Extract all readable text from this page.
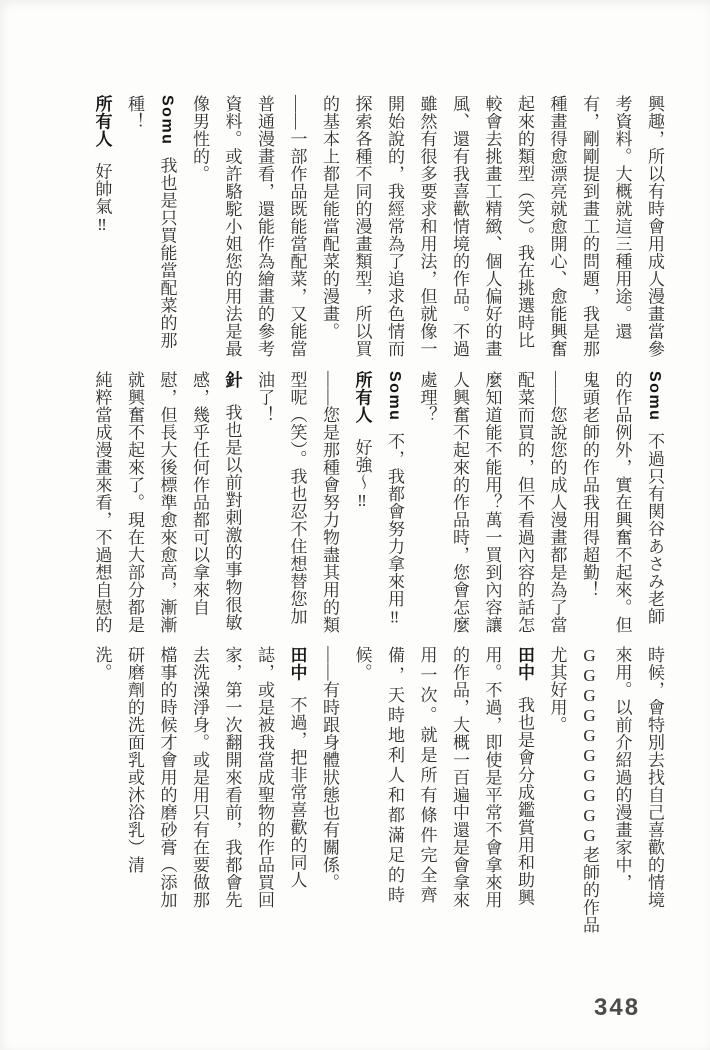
興趣，所以有時會用成人漫畫當參
考資料。大概就這三種用途。還
有，剛剛提到畫工的問題，我是那
種畫得愈漂亮就愈開心、愈能興奮
起來的類型（笑）。我在挑選時比
較會去挑畫工精緻、個人偏好的畫
風、還有我喜歡情境的作品。不過
雖然有很多要求和用法，但就像一
開始說的，我經常為了追求色情而
探索各種不同的漫畫類型，所以買
的基本上都是能當配菜的漫畫。
——一部作品既能當配菜，又能當
普通漫畫看，還能作為繪畫的參考
資料。或許駱駝小姐您的用法是最
像男性的。
Somu我也是只買能當配菜的那
種！
所有人好帥氣‼
Somu不過只有関谷あさみ老師
的作品例外，實在興奮不起來。但
鬼頭老師的作品我用得超勤！
——您說您的成人漫畫都是為了當
配菜而買的，但不看過內容的話怎
麼知道能不能用？萬一買到內容讓
人興奮不起來的作品時，您會怎麼
處理？
Somu不，我都會努力拿來用‼
所有人好強～‼
——您是那種會努力物盡其用的類
型呢（笑）。我也忍不住想替您加
油了！
針我也是以前對刺激的事物很敏
感，幾乎任何作品都可以拿來自
慰，但長大後標準愈來愈高，漸漸
就興奮不起來了。現在大部分都是
純粹當成漫畫來看，不過想自慰的
時候，會特別去找自己喜歡的情境
來用。以前介紹過的漫畫家中，
GGGGGGGGGG老師的作品
尤其好用。
田中我也是會分成鑑賞用和助興
用。不過，即使是平常不會拿來用
的作品，大概一百遍中還是會拿來
用一次。就是所有條件完全齊
備，天時地利人和都滿足的時
候。
——有時跟身體狀態也有關係。
田中不過，把非常喜歡的同人
誌，或是被我當成聖物的作品買回
家，第一次翻開來看前，我都會先
去洗澡淨身。或是用只有在要做那
檔事的時候才會用的磨砂膏（添加
研磨劑的洗面乳或沐浴乳）清
洗。
348
